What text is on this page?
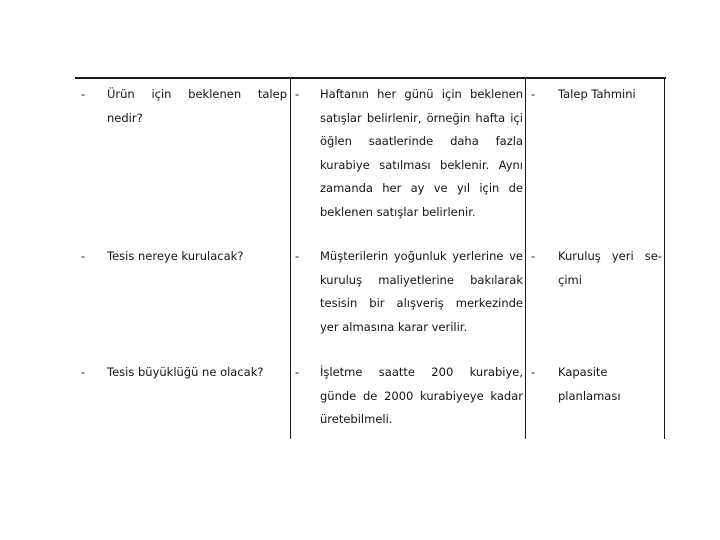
- Ürün için beklenen talep
nedir?
- Haftanın her günü için beklenen
satışlar belirlenir, örneğin hafta içi
öğlen saatlerinde daha fazla
kurabiye satılması beklenir. Aynı
zamanda her ay ve yıl için de
beklenen satışlar belirlenir.
- Talep Tahmini
- Tesis nereye kurulacak?	- Müşterilerin yoğunluk yerlerine ve
kuruluş maliyetlerine bakılarak
tesisin bir alışveriş merkezinde
yer almasına karar verilir.
- Kuruluş yeri se-
çimi
- Tesis büyüklüğü ne olacak?	- İşletme saatte 200 kurabiye,
günde de 2000 kurabiyeye kadar
üretebilmeli.
- Kapasite
planlaması
